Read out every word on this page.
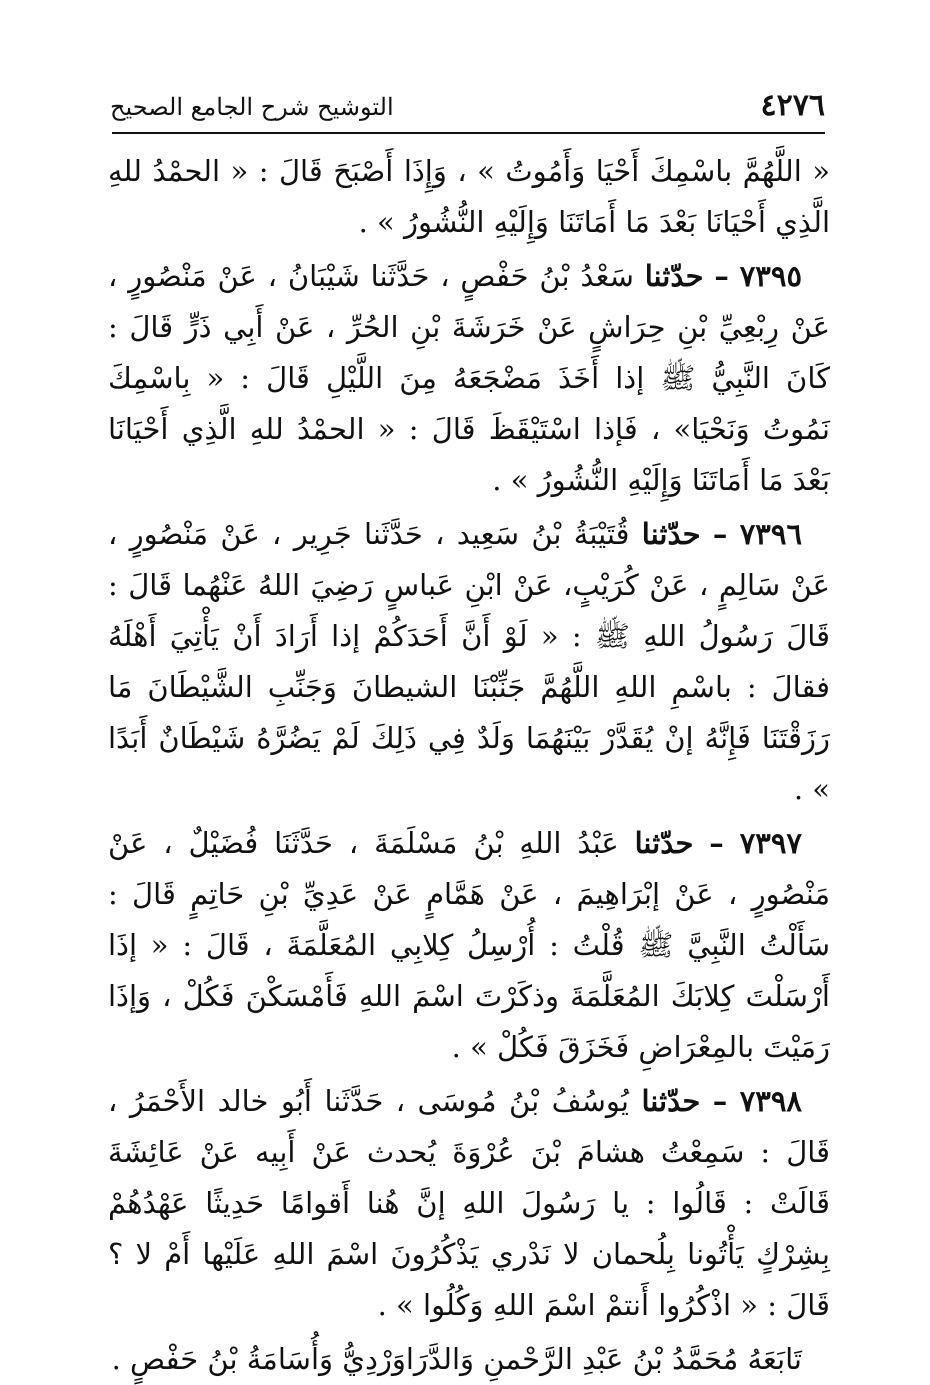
٤٢٧٦
التوشيح شرح الجامع الصحيح

« اللَّهُمَّ باسْمِكَ أَحْيَا وَأَمُوتُ » ، وَإِذَا أَصْبَحَ قَالَ : « الحمْدُ للهِ الَّذِي أَحْيَانَا بَعْدَ مَا أَمَاتَنَا وَإِلَيْهِ النُّشُورُ » .

٧٣٩٥ – حدّثنا سَعْدُ بْنُ حَفْصٍ ، حَدَّثَنا شَيْبَانُ ، عَنْ مَنْصُورٍ ، عَنْ رِبْعِيِّ بْنِ حِرَاشٍ عَنْ خَرَشَةَ بْنِ الحُرِّ ، عَنْ أَبِي ذَرٍّ قَالَ : كَانَ النَّبِيُّ ﷺ إذا أَخَذَ مَضْجَعَهُ مِنَ اللَّيْلِ قَالَ : « بِاسْمِكَ نَمُوتُ وَنَحْيَا» ، فَإذا اسْتَيْقَظَ قَالَ : « الحمْدُ للهِ الَّذِي أَحْيَانَا بَعْدَ مَا أَمَاتَنَا وَإِلَيْهِ النُّشُورُ » .

٧٣٩٦ – حدّثنا قُتَيْبَةُ بْنُ سَعِيد ، حَدَّثَنا جَرِير ، عَنْ مَنْصُورٍ ، عَنْ سَالِمٍ ، عَنْ كُرَيْبٍ، عَنْ ابْنِ عَباسٍ رَضِيَ اللهُ عَنْهُما قَالَ : قَالَ رَسُولُ اللهِ ﷺ : « لَوْ أَنَّ أَحَدَكُمْ إذا أَرَادَ أَنْ يَأْتِيَ أَهْلَهُ فقالَ : باسْمِ اللهِ اللَّهُمَّ جَنِّبْنَا الشيطانَ وَجَنِّبِ الشَّيْطَانَ مَا رَزَقْتَنَا فَإِنَّهُ إنْ يُقَدَّرْ بَيْنَهُمَا وَلَدٌ فِي ذَلِكَ لَمْ يَضُرَّهُ شَيْطَانٌ أَبَدًا » .

٧٣٩٧ – حدّثنا عَبْدُ اللهِ بْنُ مَسْلَمَةَ ، حَدَّثَنَا فُضَيْلٌ ، عَنْ مَنْصُورٍ ، عَنْ إبْرَاهِيمَ ، عَنْ هَمَّامٍ عَنْ عَدِيِّ بْنِ حَاتِمٍ قَالَ : سَأَلْتُ النَّبِيَّ ﷺ قُلْتُ : أُرْسِلُ كِلابِي المُعَلَّمَةَ ، قَالَ : « إذَا أَرْسَلْتَ كِلابَكَ المُعَلَّمَةَ وذكَرْتَ اسْمَ اللهِ فَأَمْسَكْنَ فَكُلْ ، وَإذَا رَمَيْتَ بالمِعْرَاضِ فَخَزَقَ فَكُلْ » .

٧٣٩٨ – حدّثنا يُوسُفُ بْنُ مُوسَى ، حَدَّثَنا أَبُو خالد الأَحْمَرُ ، قَالَ : سَمِعْتُ هشامَ بْنَ عُرْوَةَ يُحدث عَنْ أَبِيه عَنْ عَائِشَةَ قَالَتْ : قَالُوا : يا رَسُولَ اللهِ إنَّ هُنا أَقوامًا حَدِيثًا عَهْدُهُمْ بِشِرْكٍ يَأْتُونا بِلُحمان لا نَدْري يَذْكُرُونَ اسْمَ اللهِ عَلَيْها أَمْ لا ؟ قَالَ : « اذْكُرُوا أَنتمْ اسْمَ اللهِ وَكُلُوا » .

تَابَعَهُ مُحَمَّدُ بْنُ عَبْدِ الرَّحْمنِ وَالدَّرَاوَرْدِيُّ وَأُسَامَةُ بْنُ حَفْصٍ .
